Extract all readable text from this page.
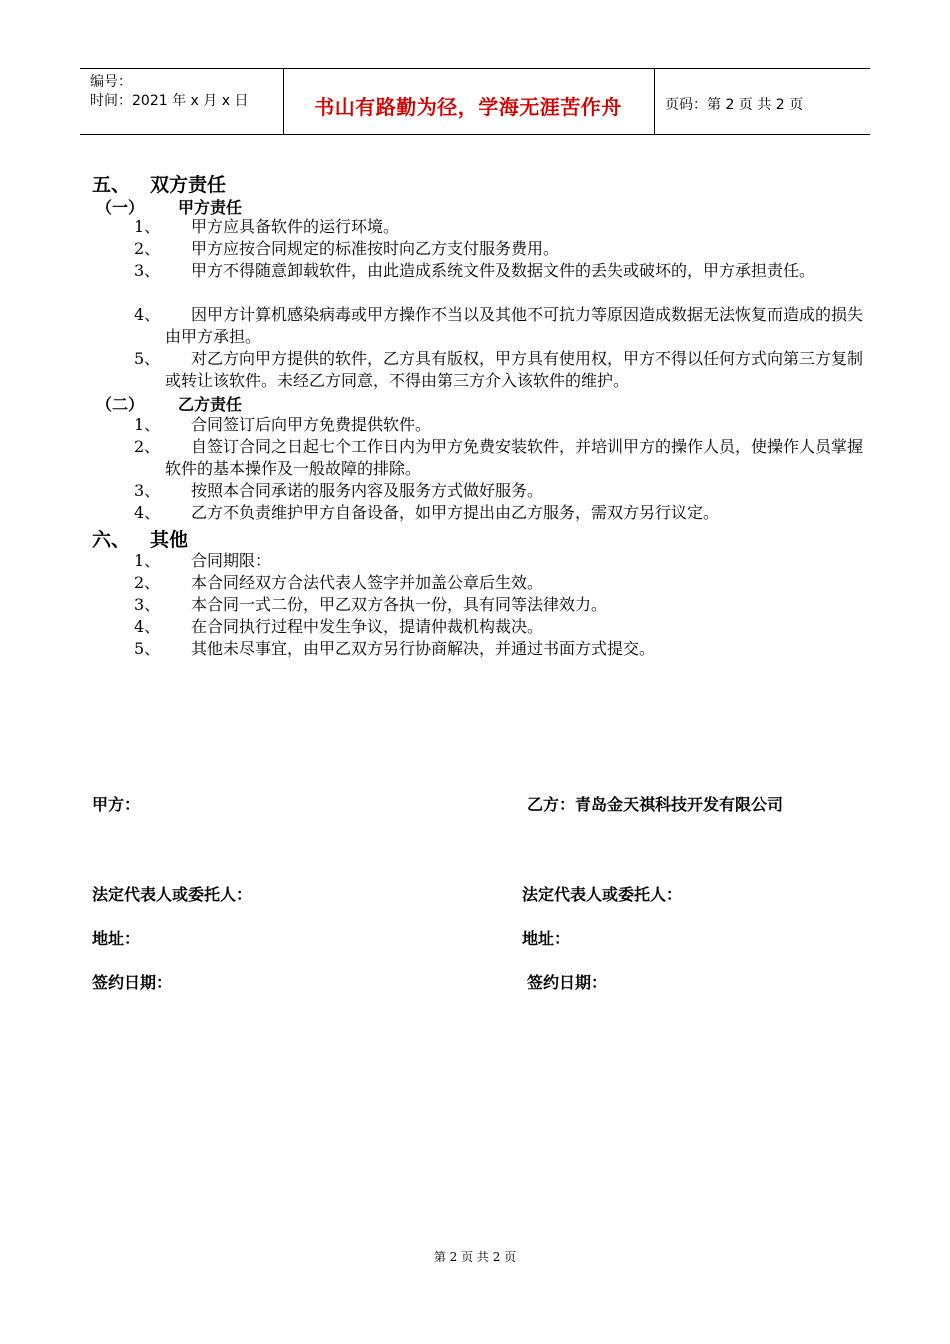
编号：
时间：2021 年 x 月 x 日	书山有路勤为径，学海无涯苦作舟	页码：第 2 页 共 2 页
五、 双方责任
（一） 甲方责任
1、	甲方应具备软件的运行环境。
2、	甲方应按合同规定的标准按时向乙方支付服务费用。
3、	甲方不得随意卸载软件，由此造成系统文件及数据文件的丢失或破坏的，甲方承担责任。
4、	因甲方计算机感染病毒或甲方操作不当以及其他不可抗力等原因造成数据无法恢复而造成的损失由甲方承担。
5、	对乙方向甲方提供的软件，乙方具有版权，甲方具有使用权，甲方不得以任何方式向第三方复制或转让该软件。未经乙方同意，不得由第三方介入该软件的维护。
（二） 乙方责任
1、	合同签订后向甲方免费提供软件。
2、	自签订合同之日起七个工作日内为甲方免费安装软件，并培训甲方的操作人员，使操作人员掌握软件的基本操作及一般故障的排除。
3、	按照本合同承诺的服务内容及服务方式做好服务。
4、	乙方不负责维护甲方自备设备，如甲方提出由乙方服务，需双方另行议定。
六、 其他
1、	合同期限：
2、	本合同经双方合法代表人签字并加盖公章后生效。
3、	本合同一式二份，甲乙双方各执一份，具有同等法律效力。
4、	在合同执行过程中发生争议，提请仲裁机构裁决。
5、	其他未尽事宜，由甲乙双方另行协商解决，并通过书面方式提交。
甲方：	乙方：青岛金天祺科技开发有限公司
法定代表人或委托人：	法定代表人或委托人：
地址：	地址：
签约日期：	签约日期：
第 2 页 共 2 页
